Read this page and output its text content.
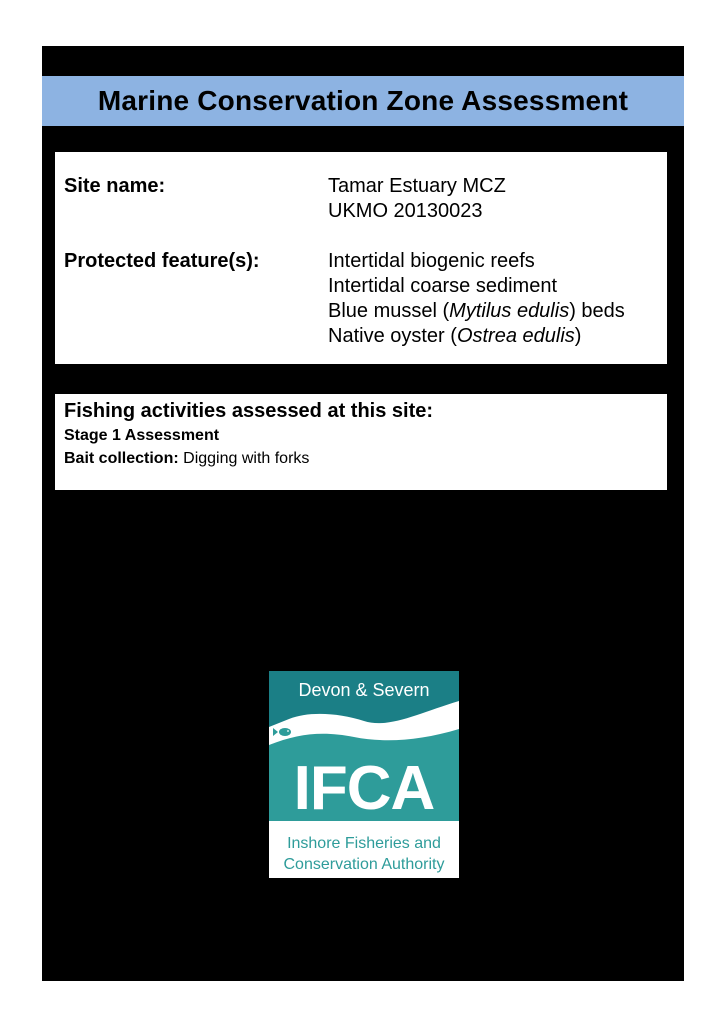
Marine Conservation Zone Assessment
Site name:	Tamar Estuary MCZ
UKMO 20130023
Protected feature(s):	Intertidal biogenic reefs
Intertidal coarse sediment
Blue mussel (Mytilus edulis) beds
Native oyster (Ostrea edulis)
Fishing activities assessed at this site:
Stage 1 Assessment
Bait collection: Digging with forks
Devon & Severn
IFCA
Inshore Fisheries and
Conservation Authority
